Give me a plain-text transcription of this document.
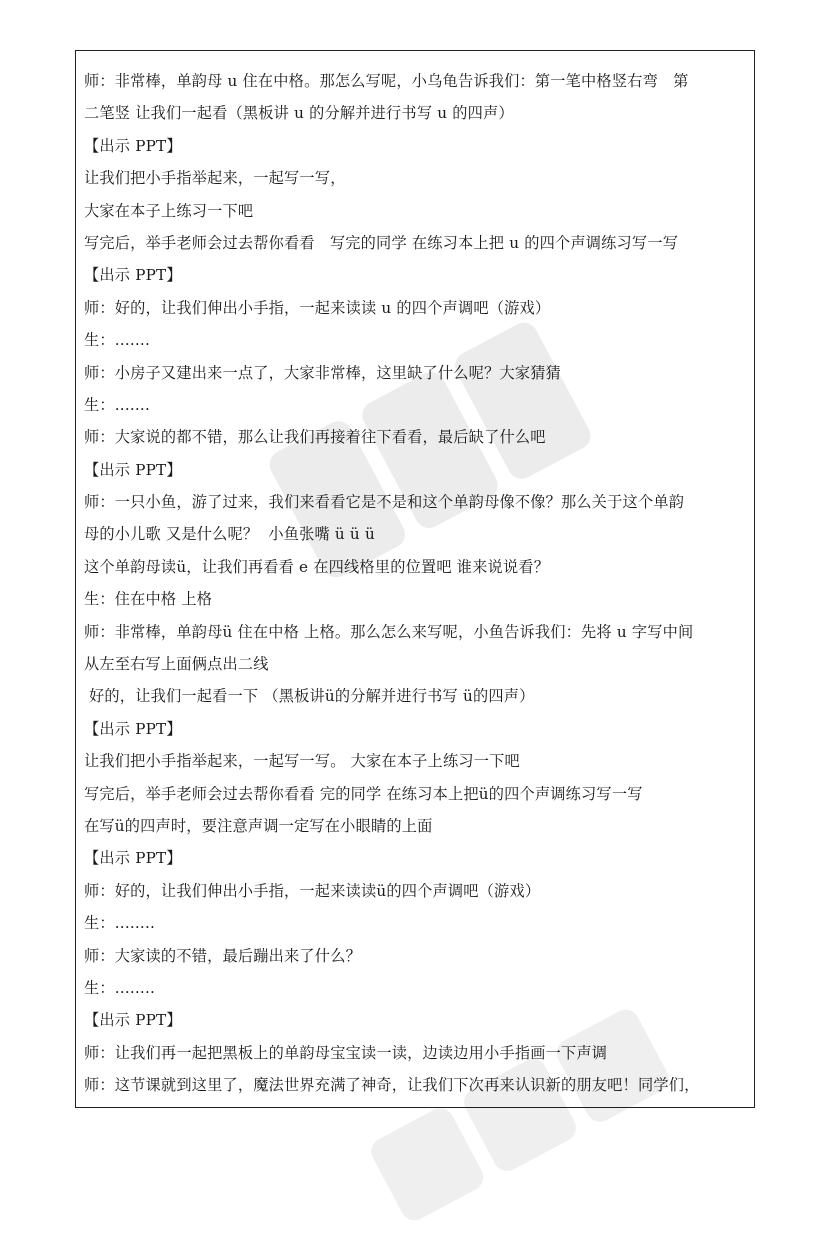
师：非常棒，单韵母 u 住在中格。那怎么写呢，小乌龟告诉我们：第一笔中格竖右弯   第
二笔竖 让我们一起看（黑板讲 u 的分解并进行书写 u 的四声）
【出示 PPT】
让我们把小手指举起来，一起写一写，
大家在本子上练习一下吧
写完后，举手老师会过去帮你看看   写完的同学 在练习本上把 u 的四个声调练习写一写
【出示 PPT】
师：好的，让我们伸出小手指，一起来读读 u 的四个声调吧（游戏）
生：.......
师：小房子又建出来一点了，大家非常棒，这里缺了什么呢？大家猜猜
生：.......
师：大家说的都不错，那么让我们再接着往下看看，最后缺了什么吧
【出示 PPT】
师：一只小鱼，游了过来，我们来看看它是不是和这个单韵母像不像？那么关于这个单韵
母的小儿歌 又是什么呢？  小鱼张嘴 ü ü ü
这个单韵母读ü，让我们再看看 e 在四线格里的位置吧 谁来说说看？
生：住在中格 上格
师：非常棒，单韵母ü 住在中格 上格。那么怎么来写呢，小鱼告诉我们：先将 u 字写中间
从左至右写上面俩点出二线
好的，让我们一起看一下 （黑板讲ü的分解并进行书写 ü的四声）
【出示 PPT】
让我们把小手指举起来，一起写一写。 大家在本子上练习一下吧
写完后，举手老师会过去帮你看看 完的同学 在练习本上把ü的四个声调练习写一写
在写ü的四声时，要注意声调一定写在小眼睛的上面
【出示 PPT】
师：好的，让我们伸出小手指，一起来读读ü的四个声调吧（游戏）
生：........
师：大家读的不错，最后蹦出来了什么？
生：........
【出示 PPT】
师：让我们再一起把黑板上的单韵母宝宝读一读，边读边用小手指画一下声调
师：这节课就到这里了，魔法世界充满了神奇，让我们下次再来认识新的朋友吧！同学们，
